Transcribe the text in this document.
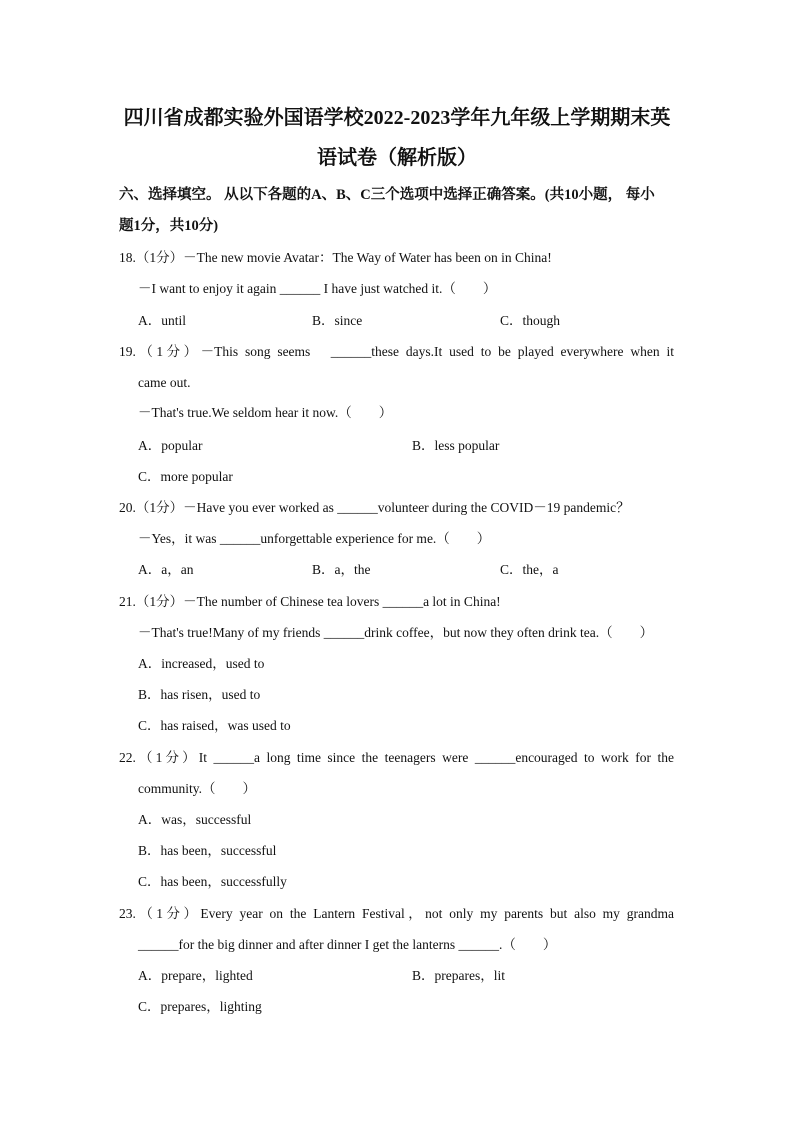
四川省成都实验外国语学校2022-2023学年九年级上学期期末英
语试卷（解析版）
六、选择填空。 从以下各题的A、B、C三个选项中选择正确答案。(共10小题， 每小
题1分，共10分)
18.（1分）－The new movie Avatar：The Way of Water has been on in China!
－I want to enjoy it again ______ I have just watched it.（　　）
A．until	B．since	C．though
19.（1分）－This song seems　______these days.It used to be played everywhere when it
came out.
－That's true.We seldom hear it now.（　　）
A．popular	B．less popular
C．more popular
20.（1分）－Have you ever worked as ______volunteer during the COVID－19 pandemic？
－Yes，it was ______unforgettable experience for me.（　　）
A．a，an	B．a，the	C．the，a
21.（1分）－The number of Chinese tea lovers ______a lot in China!
－That's true!Many of my friends ______drink coffee，but now they often drink tea.（　　）
A．increased，used to
B．has risen，used to
C．has raised，was used to
22.（1分）It ______a long time since the teenagers were ______encouraged to work for the
community.（　　）
A．was，successful
B．has been，successful
C．has been，successfully
23.（1分）Every year on the Lantern Festival，not only my parents but also my grandma
______for the big dinner and after dinner I get the lanterns ______.（　　）
A．prepare，lighted	B．prepares，lit
C．prepares，lighting
